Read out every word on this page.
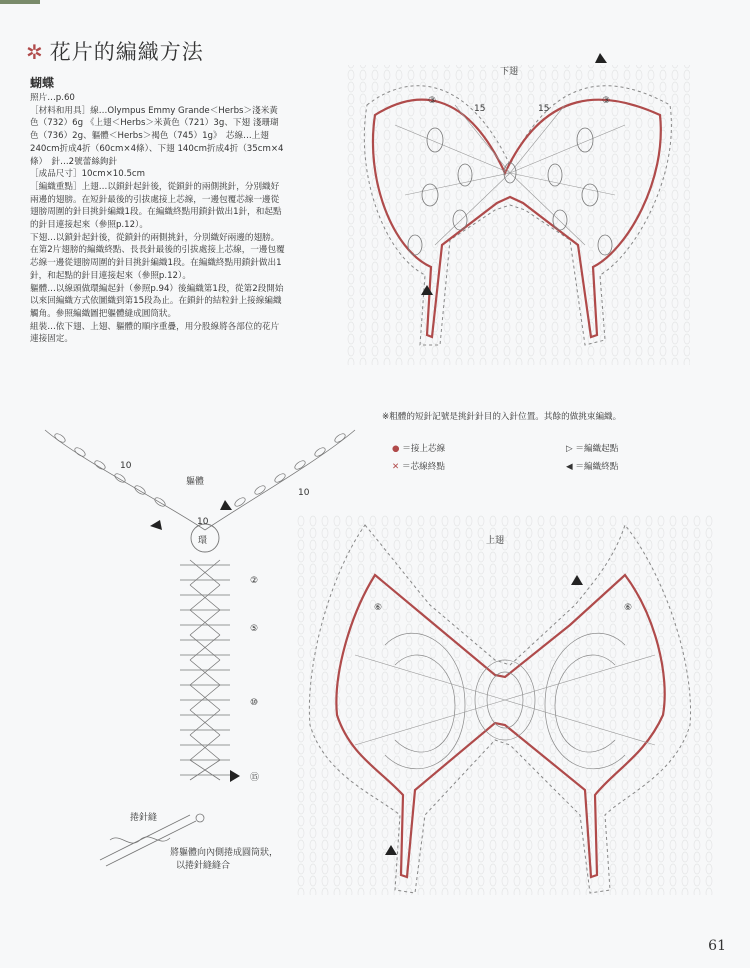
✲ 花片的編織方法
蝴蝶
照片…p.60
［材料和用具］線…Olympus Emmy Grande＜Herbs＞淺米黃
色（732）6g 《上翅＜Herbs＞米黃色（721）3g、下翅 淺珊瑚
色（736）2g、軀體＜Herbs＞褐色（745）1g》　芯線…上翅
240cm折成4折（60cm×4條）、下翅 140cm折成4折（35cm×4
條）　針…2號蕾絲鉤針
［成品尺寸］10cm×10.5cm
［編織重點］上翅…以鎖針起針後，從鎖針的兩側挑針，分別織好
兩邊的翅膀。在短針最後的引拔處接上芯線，一邊包覆芯線一邊從
翅膀周圍的針目挑針編織1段。在編織終點用鎖針做出1針，和起點
的針目連接起來（參照p.12）。
下翅…以鎖針起針後，從鎖針的兩側挑針，分別織好兩邊的翅膀。
在第2片翅膀的編織終點、長長針最後的引拔處接上芯線，一邊包覆
芯線一邊從翅膀周圍的針目挑針編織1段。在編織終點用鎖針做出1
針，和起點的針目連接起來（參照p.12）。
軀體…以線頭做環編起針（參照p.94）後編織第1段，從第2段開始
以來回編織方式依圖織到第15段為止。在鎖針的結粒針上接線編織
觸角。參照編織圖把軀體縫成圓筒狀。
組裝…依下翅、上翅、軀體的順序重疊，用分股線將各部位的花片
連接固定。
下翅
15	15
③	③
※粗體的短針記號是挑針針目的入針位置。其餘的做挑束編織。
● ＝接上芯線
✕ ＝芯線終點
▷ ＝編織起點
◀ ＝編織終點
10
10
軀體
10
環
②
⑤
⑩
⑮
捲針縫
將軀體向內側捲成圓筒狀，
以捲針縫縫合
上翅
⑥	⑥
61
